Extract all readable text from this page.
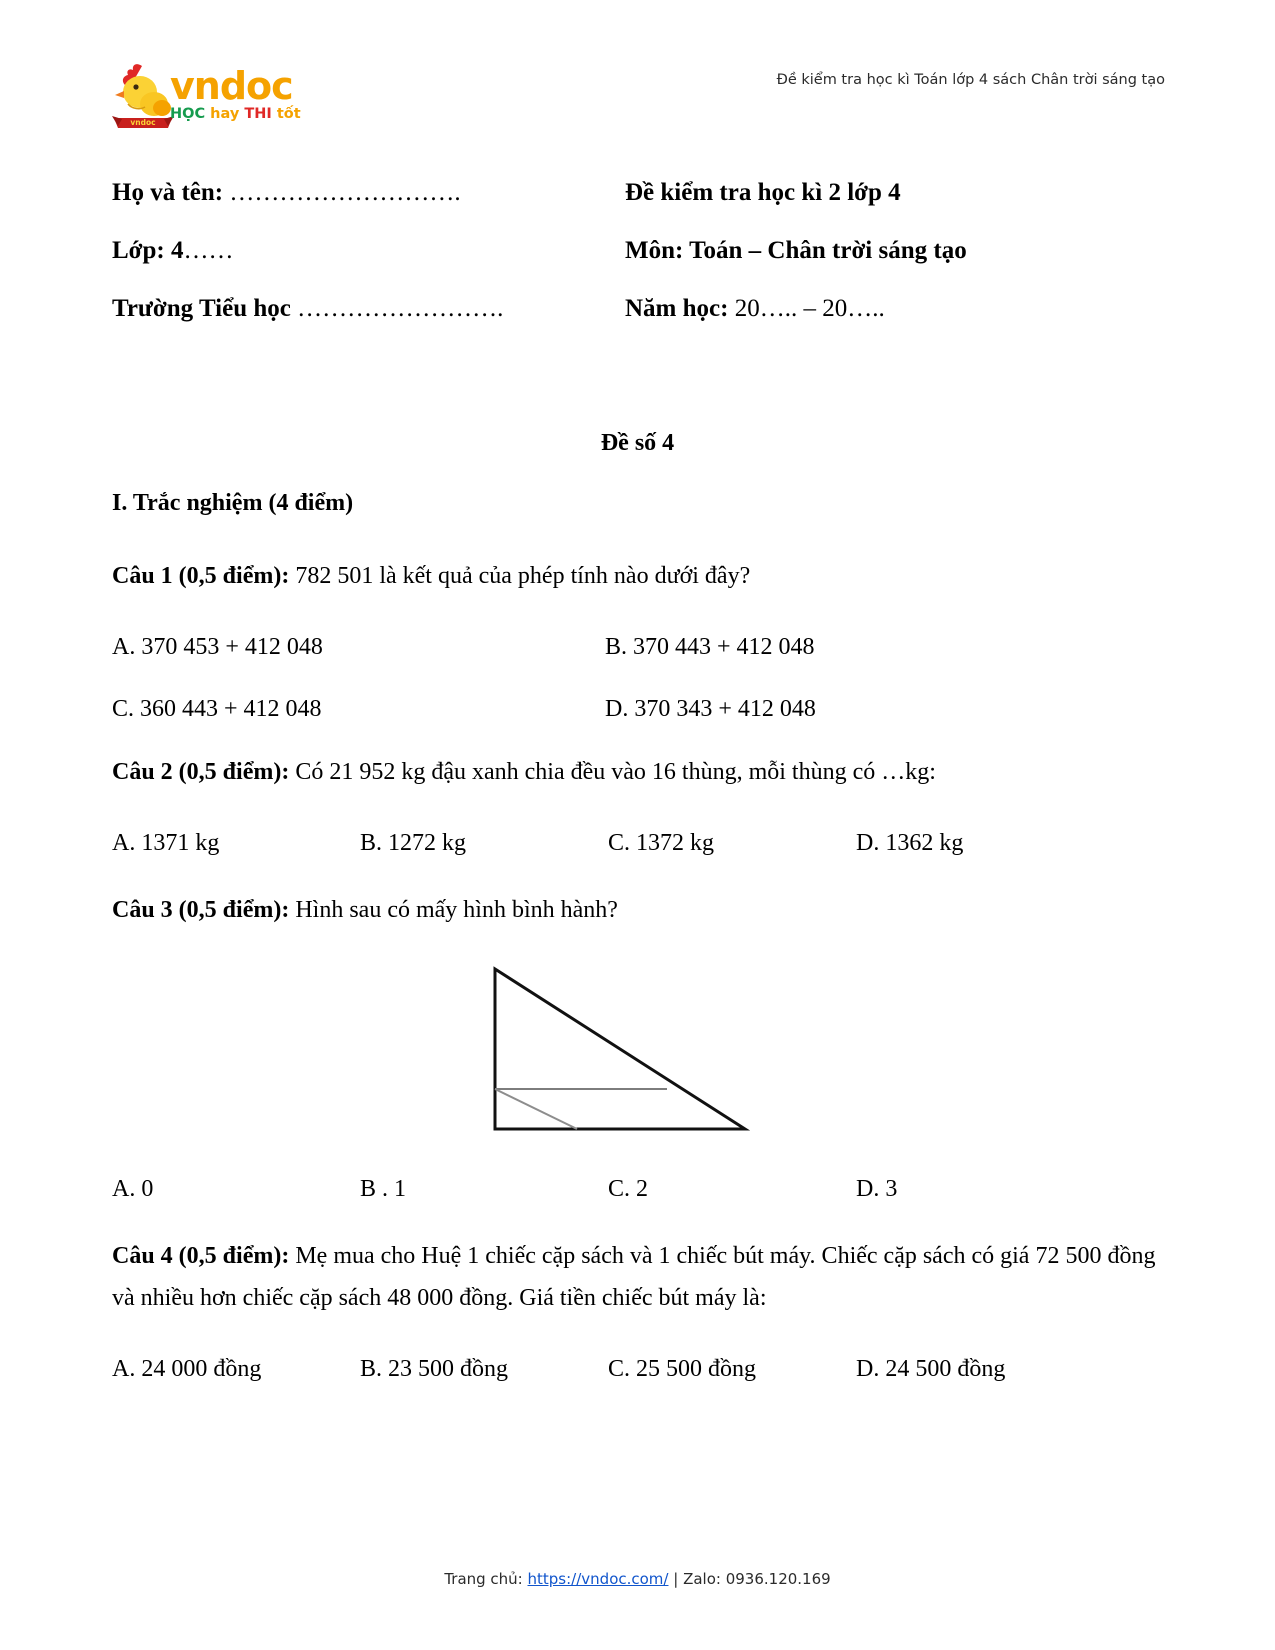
vndoc
vndoc
HỌC hay THI tốt
Đề kiểm tra học kì Toán lớp 4 sách Chân trời sáng tạo
Họ và tên: ……………………….	Đề kiểm tra học kì 2 lớp 4
Lớp: 4……	Môn: Toán – Chân trời sáng tạo
Trường Tiểu học …………………….	Năm học: 20….. – 20…..
Đề số 4
I. Trắc nghiệm (4 điểm)
Câu 1 (0,5 điểm): 782 501 là kết quả của phép tính nào dưới đây?
A. 370 453 + 412 048	B. 370 443 + 412 048
C. 360 443 + 412 048	D. 370 343 + 412 048
Câu 2 (0,5 điểm): Có 21 952 kg đậu xanh chia đều vào 16 thùng, mỗi thùng có …kg:
A. 1371 kg	B. 1272 kg	C. 1372 kg	D. 1362 kg
Câu 3 (0,5 điểm): Hình sau có mấy hình bình hành?
A. 0	B . 1	C. 2	D. 3
Câu 4 (0,5 điểm): Mẹ mua cho Huệ 1 chiếc cặp sách và 1 chiếc bút máy. Chiếc cặp sách có giá 72 500 đồng và nhiều hơn chiếc cặp sách 48 000 đồng. Giá tiền chiếc bút máy là:
A. 24 000 đồng	B. 23 500 đồng	C. 25 500 đồng	D. 24 500 đồng
Trang chủ: https://vndoc.com/ | Zalo: 0936.120.169
